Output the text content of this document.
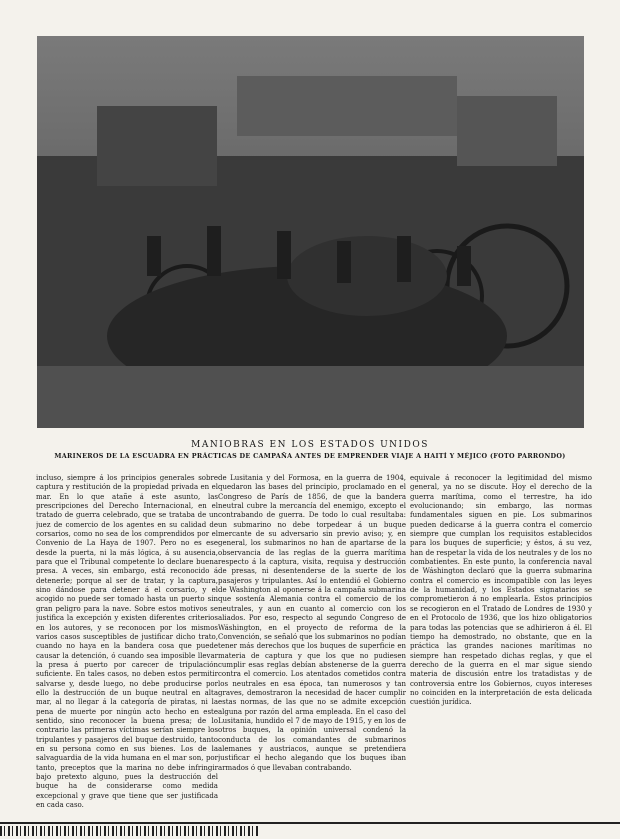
MANIOBRAS EN LOS ESTADOS UNIDOS
MARINEROS DE LA ESCUADRA EN PRÁCTICAS DE CAMPAÑA ANTES DE EMPRENDER VIAJE A HAITÍ Y MÉJICO (FOTO PARRONDO)
incluso, siempre á los principios generales sobre captura y restitución de la propiedad privada en el mar. En lo que atañe á este asunto, las prescripciones del Derecho Internacional, en el tratado de guerra celebrado, que se trataba de un juez de comercio de los agentes en su calidad de corsarios, como no sea de los comprendidos por el Convenio de La Haya de 1907. Pero no es ese desde la puerta, ni la más lógica, á su ausencia, para que el Tribunal competente lo declare buena presa. A veces, sin embargo, está reconocido á detenerle; porque al ser de tratar, y la captura, sino dándose para detener á el corsario, y el acogido no puede ser tomado hasta un puerto sin gran peligro para la nave. Sobre estos motivos se justifica la excepción y existen diferentes criterios en los autores, y se reconocen por los mismos varios casos susceptibles de justificar dicho trato, cuando no haya en la bandera cosa que puede causar la detención, ó cuando sea imposible llevar la presa á puerto por carecer de tripulación suficiente. En tales casos, no deben estos permitir salvarse y, desde luego, no debe producirse por ello la destrucción de un buque neutral en alta mar, al no llegar á la categoría de piratas, ni la pena de muerte por ningún acto hecho en este sentido, sino reconocer la buena presa; de lo contrario las primeras víctimas serían siempre los tripulantes y pasajeros del buque destruido, tanto en su persona como en sus bienes. Los de la salvaguardia de la vida humana en el mar son, por tanto, preceptos que la marina no debe infringir bajo pretexto alguno, pues la destrucción del buque ha de considerarse como medida excepcional y grave que tiene que ser justificada en cada caso.
de Lusitania y del Formosa, en la guerra de 1904, quedaron las bases del principio, proclamado en el Congreso de París de 1856, de que la bandera neutral cubre la mercancía del enemigo, excepto el contrabando de guerra. De todo lo cual resultaba: un submarino no debe torpedear á un buque mercante de su adversario sin previo aviso; y, en general, los submarinos no han de apartarse de la observancia de las reglas de la guerra marítima respecto á la captura, visita, requisa y destrucción de presas, ni desentenderse de la suerte de los pasajeros y tripulantes. Así lo entendió el Gobierno de Washington al oponerse á la campaña submarina que sostenía Alemania contra el comercio de los neutrales, y aun en cuanto al comercio con los aliados. Por eso, respecto al segundo Congreso de Wáshington, en el proyecto de reforma de la Convención, se señaló que los submarinos no podían tener más derechos que los buques de superficie en materia de captura y que los que no pudiesen cumplir esas reglas debían abstenerse de la guerra contra el comercio. Los atentados cometidos contra los neutrales en esa época, tan numerosos y tan graves, demostraron la necesidad de hacer cumplir estas normas, de las que no se admite excepción alguna por razón del arma empleada. En el caso del Lusitania, hundido el 7 de mayo de 1915, y en los de otros buques, la opinión universal condenó la conducta de los comandantes de submarinos alemanes y austriacos, aunque se pretendiera justificar el hecho alegando que los buques iban armados ó que llevaban contrabando.
equivale á reconocer la legitimidad del mismo general, ya no se discute. Hoy el derecho de la guerra marítima, como el terrestre, ha ido evolucionando; sin embargo, las normas fundamentales siguen en pie. Los submarinos pueden dedicarse á la guerra contra el comercio siempre que cumplan los requisitos establecidos para los buques de superficie; y éstos, á su vez, han de respetar la vida de los neutrales y de los no combatientes. En este punto, la conferencia naval de Wáshington declaró que la guerra submarina contra el comercio es incompatible con las leyes de la humanidad, y los Estados signatarios se comprometieron á no emplearla. Estos principios se recogieron en el Tratado de Londres de 1930 y en el Protocolo de 1936, que los hizo obligatorios para todas las potencias que se adhirieron á él. El tiempo ha demostrado, no obstante, que en la práctica las grandes naciones marítimas no siempre han respetado dichas reglas, y que el derecho de la guerra en el mar sigue siendo materia de discusión entre los tratadistas y de controversia entre los Gobiernos, cuyos intereses no coinciden en la interpretación de esta delicada cuestión jurídica.
